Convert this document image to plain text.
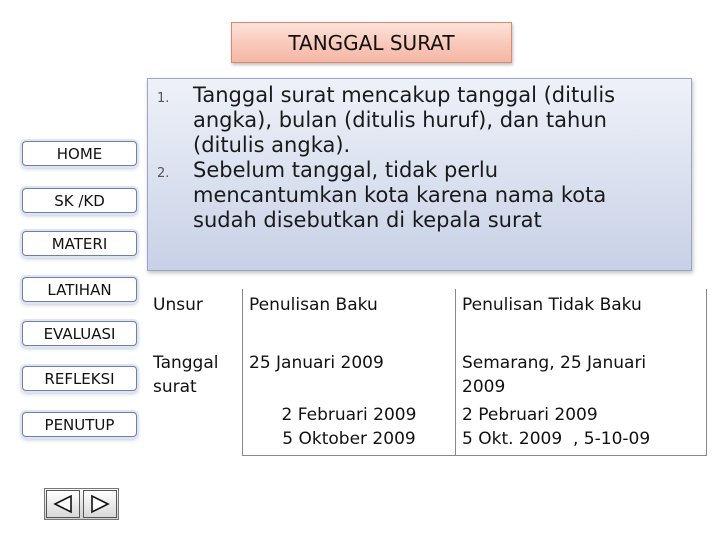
TANGGAL SURAT
HOME
SK /KD
MATERI
LATIHAN
EVALUASI
REFLEKSI
PENUTUP
1. Tanggal surat mencakup tanggal (ditulis
angka), bulan (ditulis huruf), dan tahun
(ditulis angka).
2. Sebelum tanggal, tidak perlu
mencantumkan kota karena nama kota
sudah disebutkan di kepala surat
Unsur	Penulisan Baku	Penulisan Tidak Baku

Tanggal
surat	25 Januari 2009	Semarang, 25 Januari
2009

	2 Februari 2009	2 Pebruari 2009
	5 Oktober 2009	5 Okt. 2009  , 5-10-09
